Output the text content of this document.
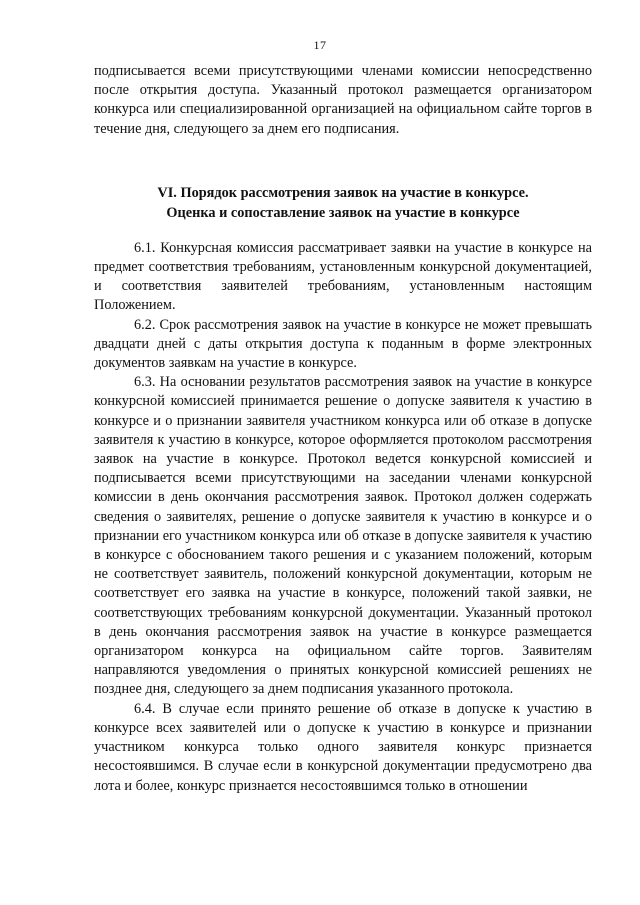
17

подписывается всеми присутствующими членами комиссии непосредственно после открытия доступа. Указанный протокол размещается организатором конкурса или специализированной организацией на официальном сайте торгов в течение дня, следующего за днем его подписания.

VI. Порядок рассмотрения заявок на участие в конкурсе.
Оценка и сопоставление заявок на участие в конкурсе

6.1. Конкурсная комиссия рассматривает заявки на участие в конкурсе на предмет соответствия требованиям, установленным конкурсной документацией, и соответствия заявителей требованиям, установленным настоящим Положением.

6.2. Срок рассмотрения заявок на участие в конкурсе не может превышать двадцати дней с даты открытия доступа к поданным в форме электронных документов заявкам на участие в конкурсе.

6.3. На основании результатов рассмотрения заявок на участие в конкурсе конкурсной комиссией принимается решение о допуске заявителя к участию в конкурсе и о признании заявителя участником конкурса или об отказе в допуске заявителя к участию в конкурсе, которое оформляется протоколом рассмотрения заявок на участие в конкурсе. Протокол ведется конкурсной комиссией и подписывается всеми присутствующими на заседании членами конкурсной комиссии в день окончания рассмотрения заявок. Протокол должен содержать сведения о заявителях, решение о допуске заявителя к участию в конкурсе и о признании его участником конкурса или об отказе в допуске заявителя к участию в конкурсе с обоснованием такого решения и с указанием положений, которым не соответствует заявитель, положений конкурсной документации, которым не соответствует его заявка на участие в конкурсе, положений такой заявки, не соответствующих требованиям конкурсной документации. Указанный протокол в день окончания рассмотрения заявок на участие в конкурсе размещается организатором конкурса на официальном сайте торгов. Заявителям направляются уведомления о принятых конкурсной комиссией решениях не позднее дня, следующего за днем подписания указанного протокола.

6.4. В случае если принято решение об отказе в допуске к участию в конкурсе всех заявителей или о допуске к участию в конкурсе и признании участником конкурса только одного заявителя конкурс признается несостоявшимся. В случае если в конкурсной документации предусмотрено два лота и более, конкурс признается несостоявшимся только в отношении
